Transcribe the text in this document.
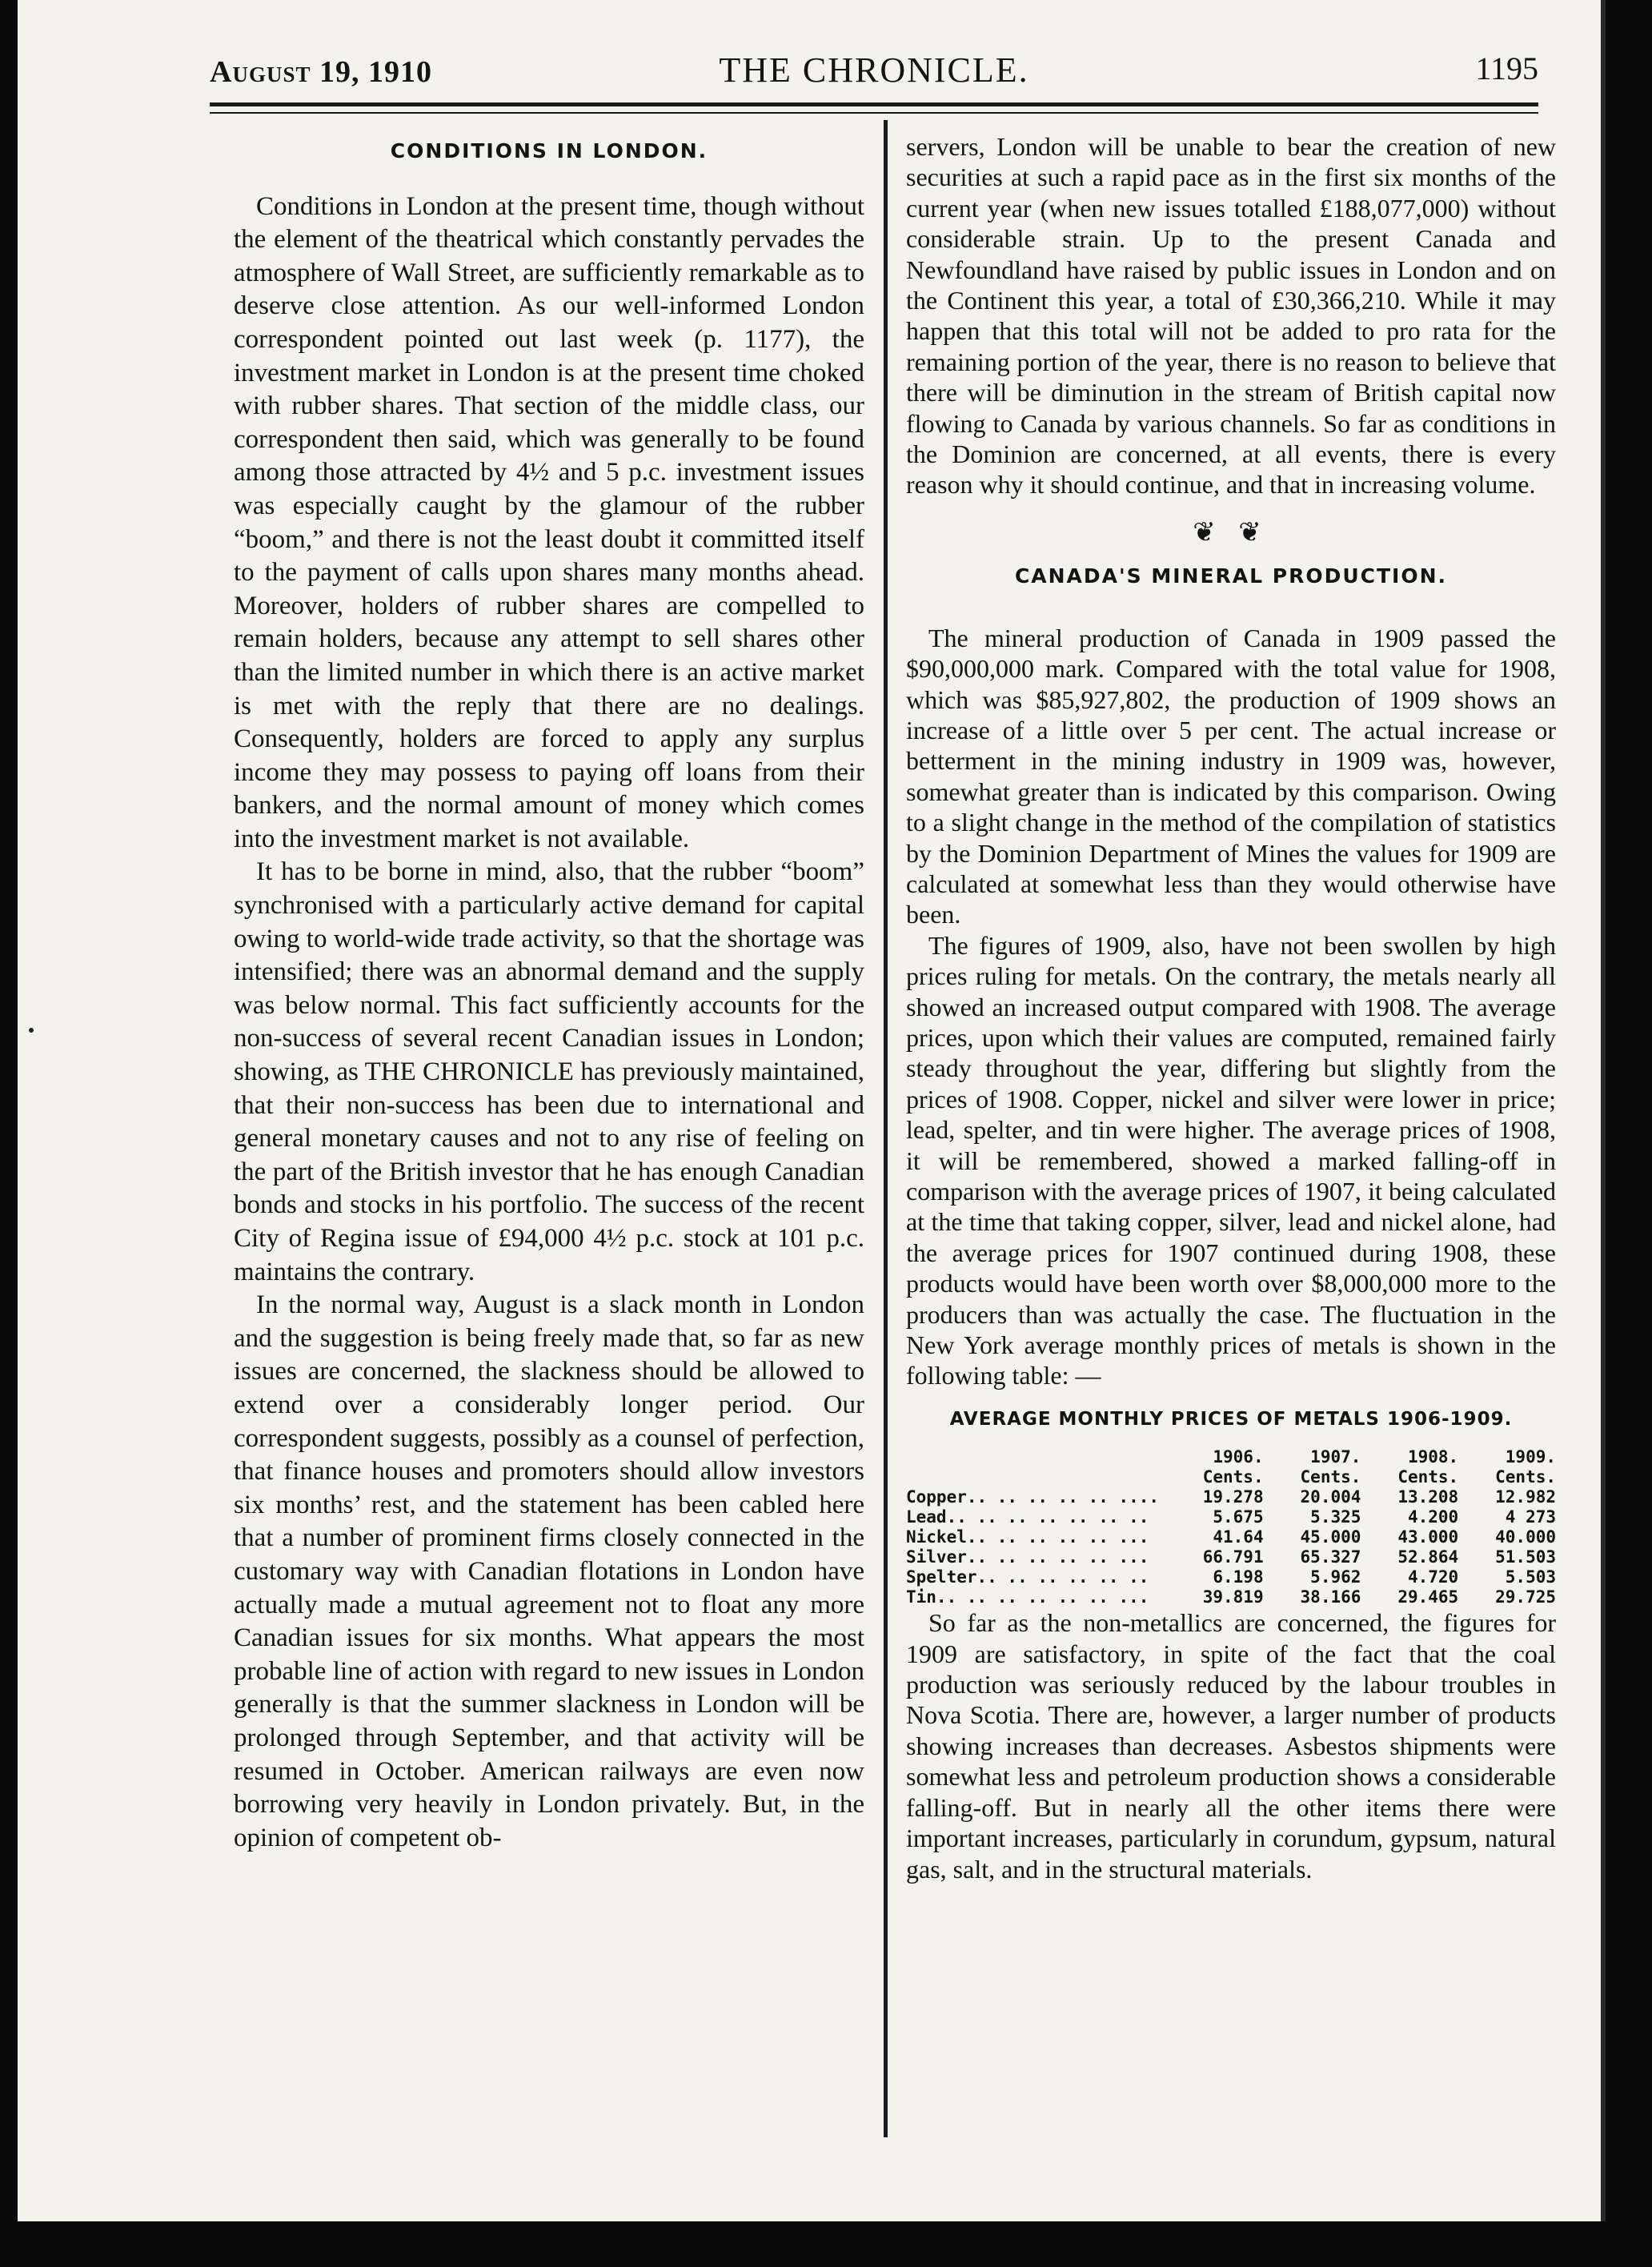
August 19, 1910	THE CHRONICLE.	1195
CONDITIONS IN LONDON.

Conditions in London at the present time, though without the element of the theatrical which constantly pervades the atmosphere of Wall Street, are sufficiently remarkable as to deserve close attention. As our well-informed London correspondent pointed out last week (p. 1177), the investment market in London is at the present time choked with rubber shares. That section of the middle class, our correspondent then said, which was generally to be found among those attracted by 4½ and 5 p.c. investment issues was especially caught by the glamour of the rubber “boom,” and there is not the least doubt it committed itself to the payment of calls upon shares many months ahead. Moreover, holders of rubber shares are compelled to remain holders, because any attempt to sell shares other than the limited number in which there is an active market is met with the reply that there are no dealings. Consequently, holders are forced to apply any surplus income they may possess to paying off loans from their bankers, and the normal amount of money which comes into the investment market is not available.

It has to be borne in mind, also, that the rubber “boom” synchronised with a particularly active demand for capital owing to world-wide trade activity, so that the shortage was intensified; there was an abnormal demand and the supply was below normal. This fact sufficiently accounts for the non-success of several recent Canadian issues in London; showing, as THE CHRONICLE has previously maintained, that their non-success has been due to international and general monetary causes and not to any rise of feeling on the part of the British investor that he has enough Canadian bonds and stocks in his portfolio. The success of the recent City of Regina issue of £94,000 4½ p.c. stock at 101 p.c. maintains the contrary.

In the normal way, August is a slack month in London and the suggestion is being freely made that, so far as new issues are concerned, the slackness should be allowed to extend over a considerably longer period. Our correspondent suggests, possibly as a counsel of perfection, that finance houses and promoters should allow investors six months’ rest, and the statement has been cabled here that a number of prominent firms closely connected in the customary way with Canadian flotations in London have actually made a mutual agreement not to float any more Canadian issues for six months. What appears the most probable line of action with regard to new issues in London generally is that the summer slackness in London will be prolonged through September, and that activity will be resumed in October. American railways are even now borrowing very heavily in London privately. But, in the opinion of competent ob-

servers, London will be unable to bear the creation of new securities at such a rapid pace as in the first six months of the current year (when new issues totalled £188,077,000) without considerable strain. Up to the present Canada and Newfoundland have raised by public issues in London and on the Continent this year, a total of £30,366,210. While it may happen that this total will not be added to pro rata for the remaining portion of the year, there is no reason to believe that there will be diminution in the stream of British capital now flowing to Canada by various channels. So far as conditions in the Dominion are concerned, at all events, there is every reason why it should continue, and that in increasing volume.

❦ ❦
CANADA'S MINERAL PRODUCTION.

The mineral production of Canada in 1909 passed the $90,000,000 mark. Compared with the total value for 1908, which was $85,927,802, the production of 1909 shows an increase of a little over 5 per cent. The actual increase or betterment in the mining industry in 1909 was, however, somewhat greater than is indicated by this comparison. Owing to a slight change in the method of the compilation of statistics by the Dominion Department of Mines the values for 1909 are calculated at somewhat less than they would otherwise have been.

The figures of 1909, also, have not been swollen by high prices ruling for metals. On the contrary, the metals nearly all showed an increased output compared with 1908. The average prices, upon which their values are computed, remained fairly steady throughout the year, differing but slightly from the prices of 1908. Copper, nickel and silver were lower in price; lead, spelter, and tin were higher. The average prices of 1908, it will be remembered, showed a marked falling-off in comparison with the average prices of 1907, it being calculated at the time that taking copper, silver, lead and nickel alone, had the average prices for 1907 continued during 1908, these products would have been worth over $8,000,000 more to the producers than was actually the case. The fluctuation in the New York average monthly prices of metals is shown in the following table: —

AVERAGE MONTHLY PRICES OF METALS 1906-1909.
	1906.	1907.	1908.	1909.
	Cents.	Cents.	Cents.	Cents.
Copper.. .. .. .. .. ....	19.278	20.004	13.208	12.982
Lead.. .. .. .. .. .. ..	5.675	5.325	4.200	4 273
Nickel.. .. .. .. .. ...	41.64	45.000	43.000	40.000
Silver.. .. .. .. .. ...	66.791	65.327	52.864	51.503
Spelter.. .. .. .. .. ..	6.198	5.962	4.720	5.503
Tin.. .. .. .. .. .. ...	39.819	38.166	29.465	29.725

So far as the non-metallics are concerned, the figures for 1909 are satisfactory, in spite of the fact that the coal production was seriously reduced by the labour troubles in Nova Scotia. There are, however, a larger number of products showing increases than decreases. Asbestos shipments were somewhat less and petroleum production shows a considerable falling-off. But in nearly all the other items there were important increases, particularly in corundum, gypsum, natural gas, salt, and in the structural materials.
